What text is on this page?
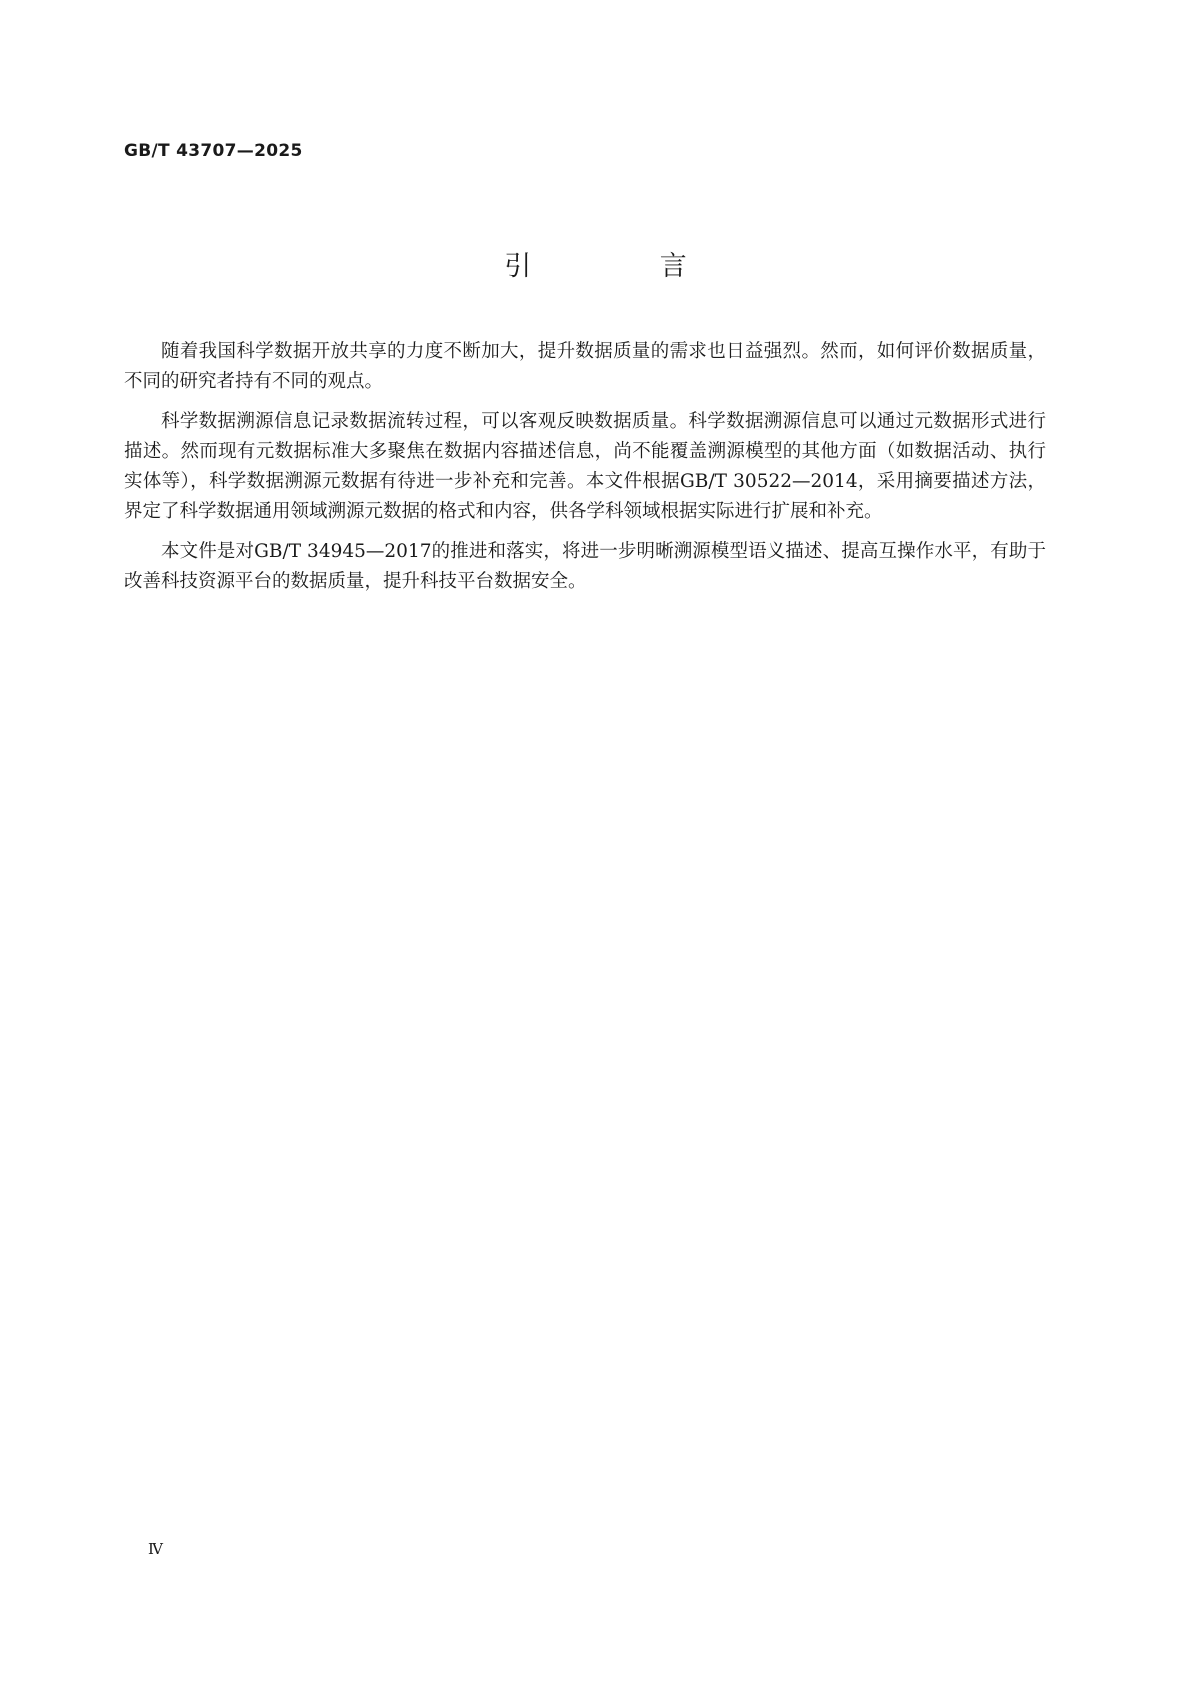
GB/T 43707—2025
引 言

随着我国科学数据开放共享的力度不断加大，提升数据质量的需求也日益强烈。然而，如何评价数据质量，不同的研究者持有不同的观点。

科学数据溯源信息记录数据流转过程，可以客观反映数据质量。科学数据溯源信息可以通过元数据形式进行描述。然而现有元数据标准大多聚焦在数据内容描述信息，尚不能覆盖溯源模型的其他方面（如数据活动、执行实体等），科学数据溯源元数据有待进一步补充和完善。本文件根据GB/T 30522—2014，采用摘要描述方法，界定了科学数据通用领域溯源元数据的格式和内容，供各学科领域根据实际进行扩展和补充。

本文件是对GB/T 34945—2017的推进和落实，将进一步明晰溯源模型语义描述、提高互操作水平，有助于改善科技资源平台的数据质量，提升科技平台数据安全。

Ⅳ
